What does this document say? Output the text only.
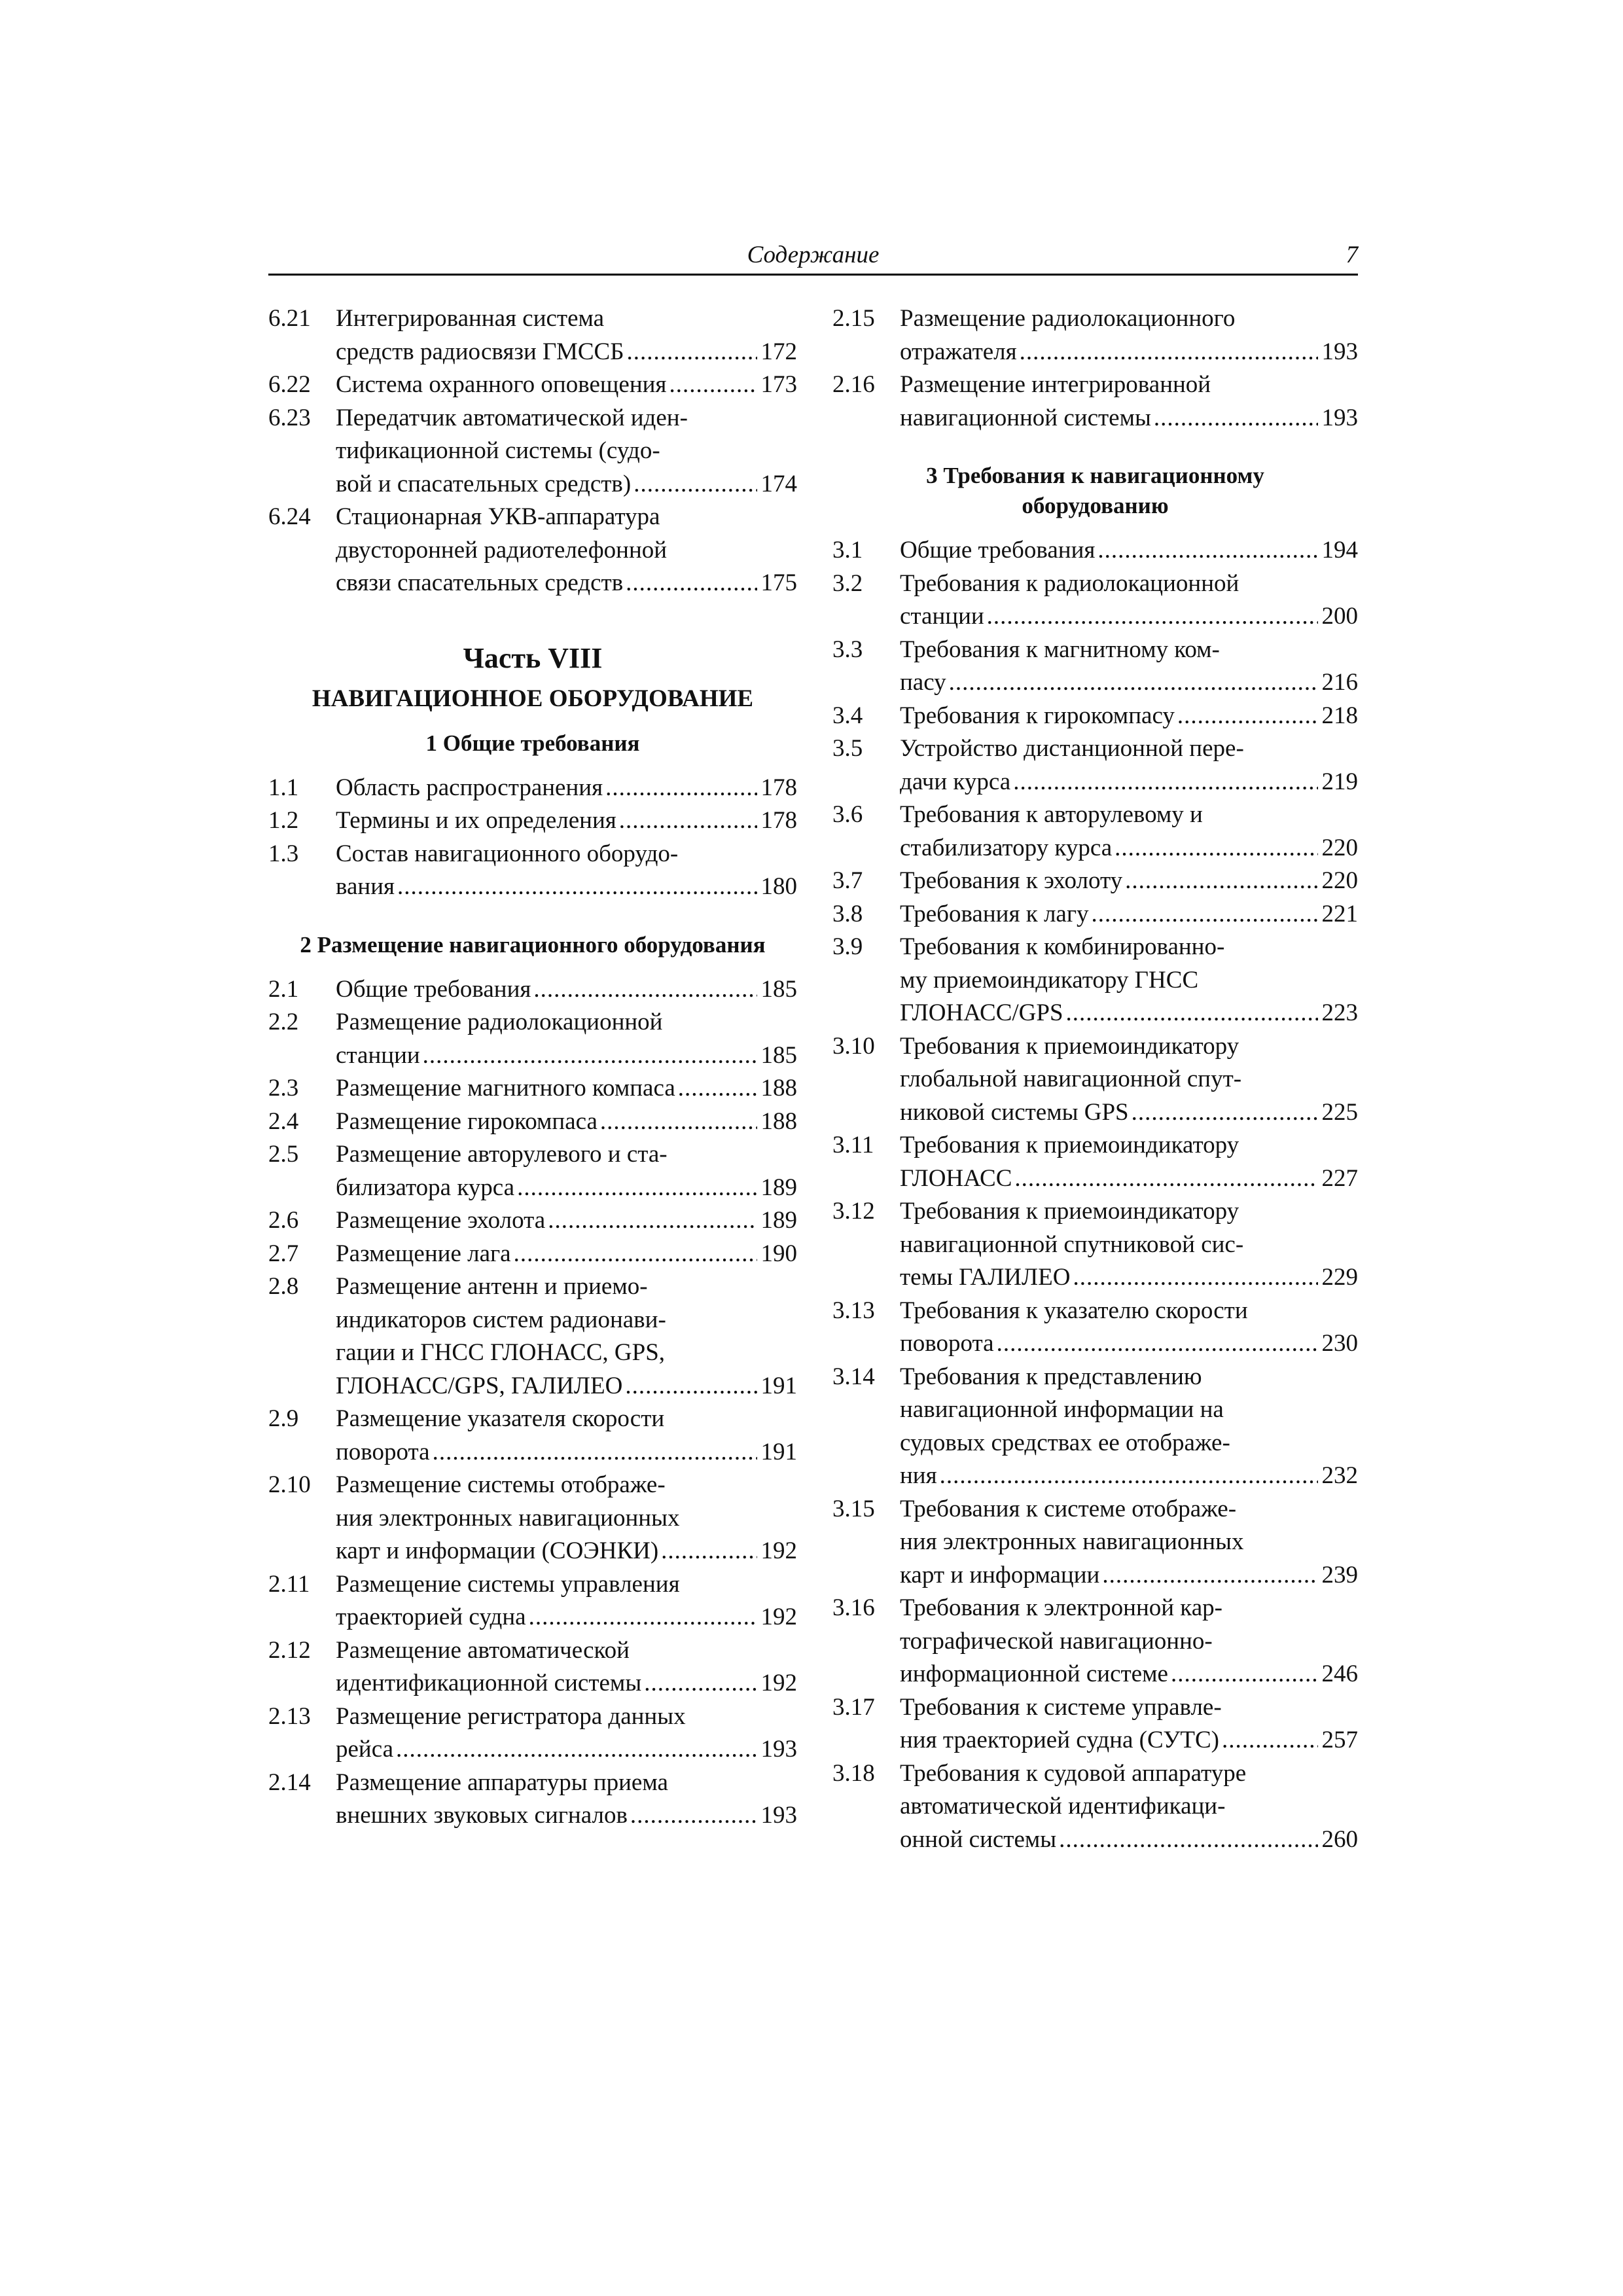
Содержание	7
6.21	Интегрированная система
средств радиосвязи ГМССБ .....	172
6.22	Система охранного оповещения .....	173
6.23	Передатчик автоматической иден-
тификационной системы (судо-
вой и спасательных средств) .....	174
6.24	Стационарная УКВ-аппаратура
двусторонней радиотелефонной
связи спасательных средств .....	175
Часть VIII
НАВИГАЦИОННОЕ ОБОРУДОВАНИЕ
1 Общие требования
1.1	Область распространения .....	178
1.2	Термины и их определения .....	178
1.3	Состав навигационного оборудо-
вания .....	180
2 Размещение навигационного оборудования
2.1	Общие требования .....	185
2.2	Размещение радиолокационной
станции .....	185
2.3	Размещение магнитного компаса .....	188
2.4	Размещение гирокомпаса .....	188
2.5	Размещение авторулевого и ста-
билизатора курса .....	189
2.6	Размещение эхолота .....	189
2.7	Размещение лага .....	190
2.8	Размещение антенн и приемо-
индикаторов систем радионави-
гации и ГНСС ГЛОНАСС, GPS,
ГЛОНАСС/GPS, ГАЛИЛЕО .....	191
2.9	Размещение указателя скорости
поворота .....	191
2.10	Размещение системы отображе-
ния электронных навигационных
карт и информации (СОЭНКИ) .....	192
2.11	Размещение системы управления
траекторией судна .....	192
2.12	Размещение автоматической
идентификационной системы .....	192
2.13	Размещение регистратора данных
рейса .....	193
2.14	Размещение аппаратуры приема
внешних звуковых сигналов .....	193
2.15	Размещение радиолокационного
отражателя .....	193
2.16	Размещение интегрированной
навигационной системы .....	193
3 Требования к навигационному
оборудованию
3.1	Общие требования .....	194
3.2	Требования к радиолокационной
станции .....	200
3.3	Требования к магнитному ком-
пасу .....	216
3.4	Требования к гирокомпасу .....	218
3.5	Устройство дистанционной пере-
дачи курса .....	219
3.6	Требования к авторулевому и
стабилизатору курса .....	220
3.7	Требования к эхолоту .....	220
3.8	Требования к лагу .....	221
3.9	Требования к комбинированно-
му приемоиндикатору ГНСС
ГЛОНАСС/GPS .....	223
3.10	Требования к приемоиндикатору
глобальной навигационной спут-
никовой системы GPS .....	225
3.11	Требования к приемоиндикатору
ГЛОНАСС .....	227
3.12	Требования к приемоиндикатору
навигационной спутниковой сис-
темы ГАЛИЛЕО .....	229
3.13	Требования к указателю скорости
поворота .....	230
3.14	Требования к представлению
навигационной информации на
судовых средствах ее отображе-
ния .....	232
3.15	Требования к системе отображе-
ния электронных навигационных
карт и информации .....	239
3.16	Требования к электронной кар-
тографической навигационно-
информационной системе .....	246
3.17	Требования к системе управле-
ния траекторией судна (СУТС) .....	257
3.18	Требования к судовой аппаратуре
автоматической идентификаци-
онной системы .....	260
